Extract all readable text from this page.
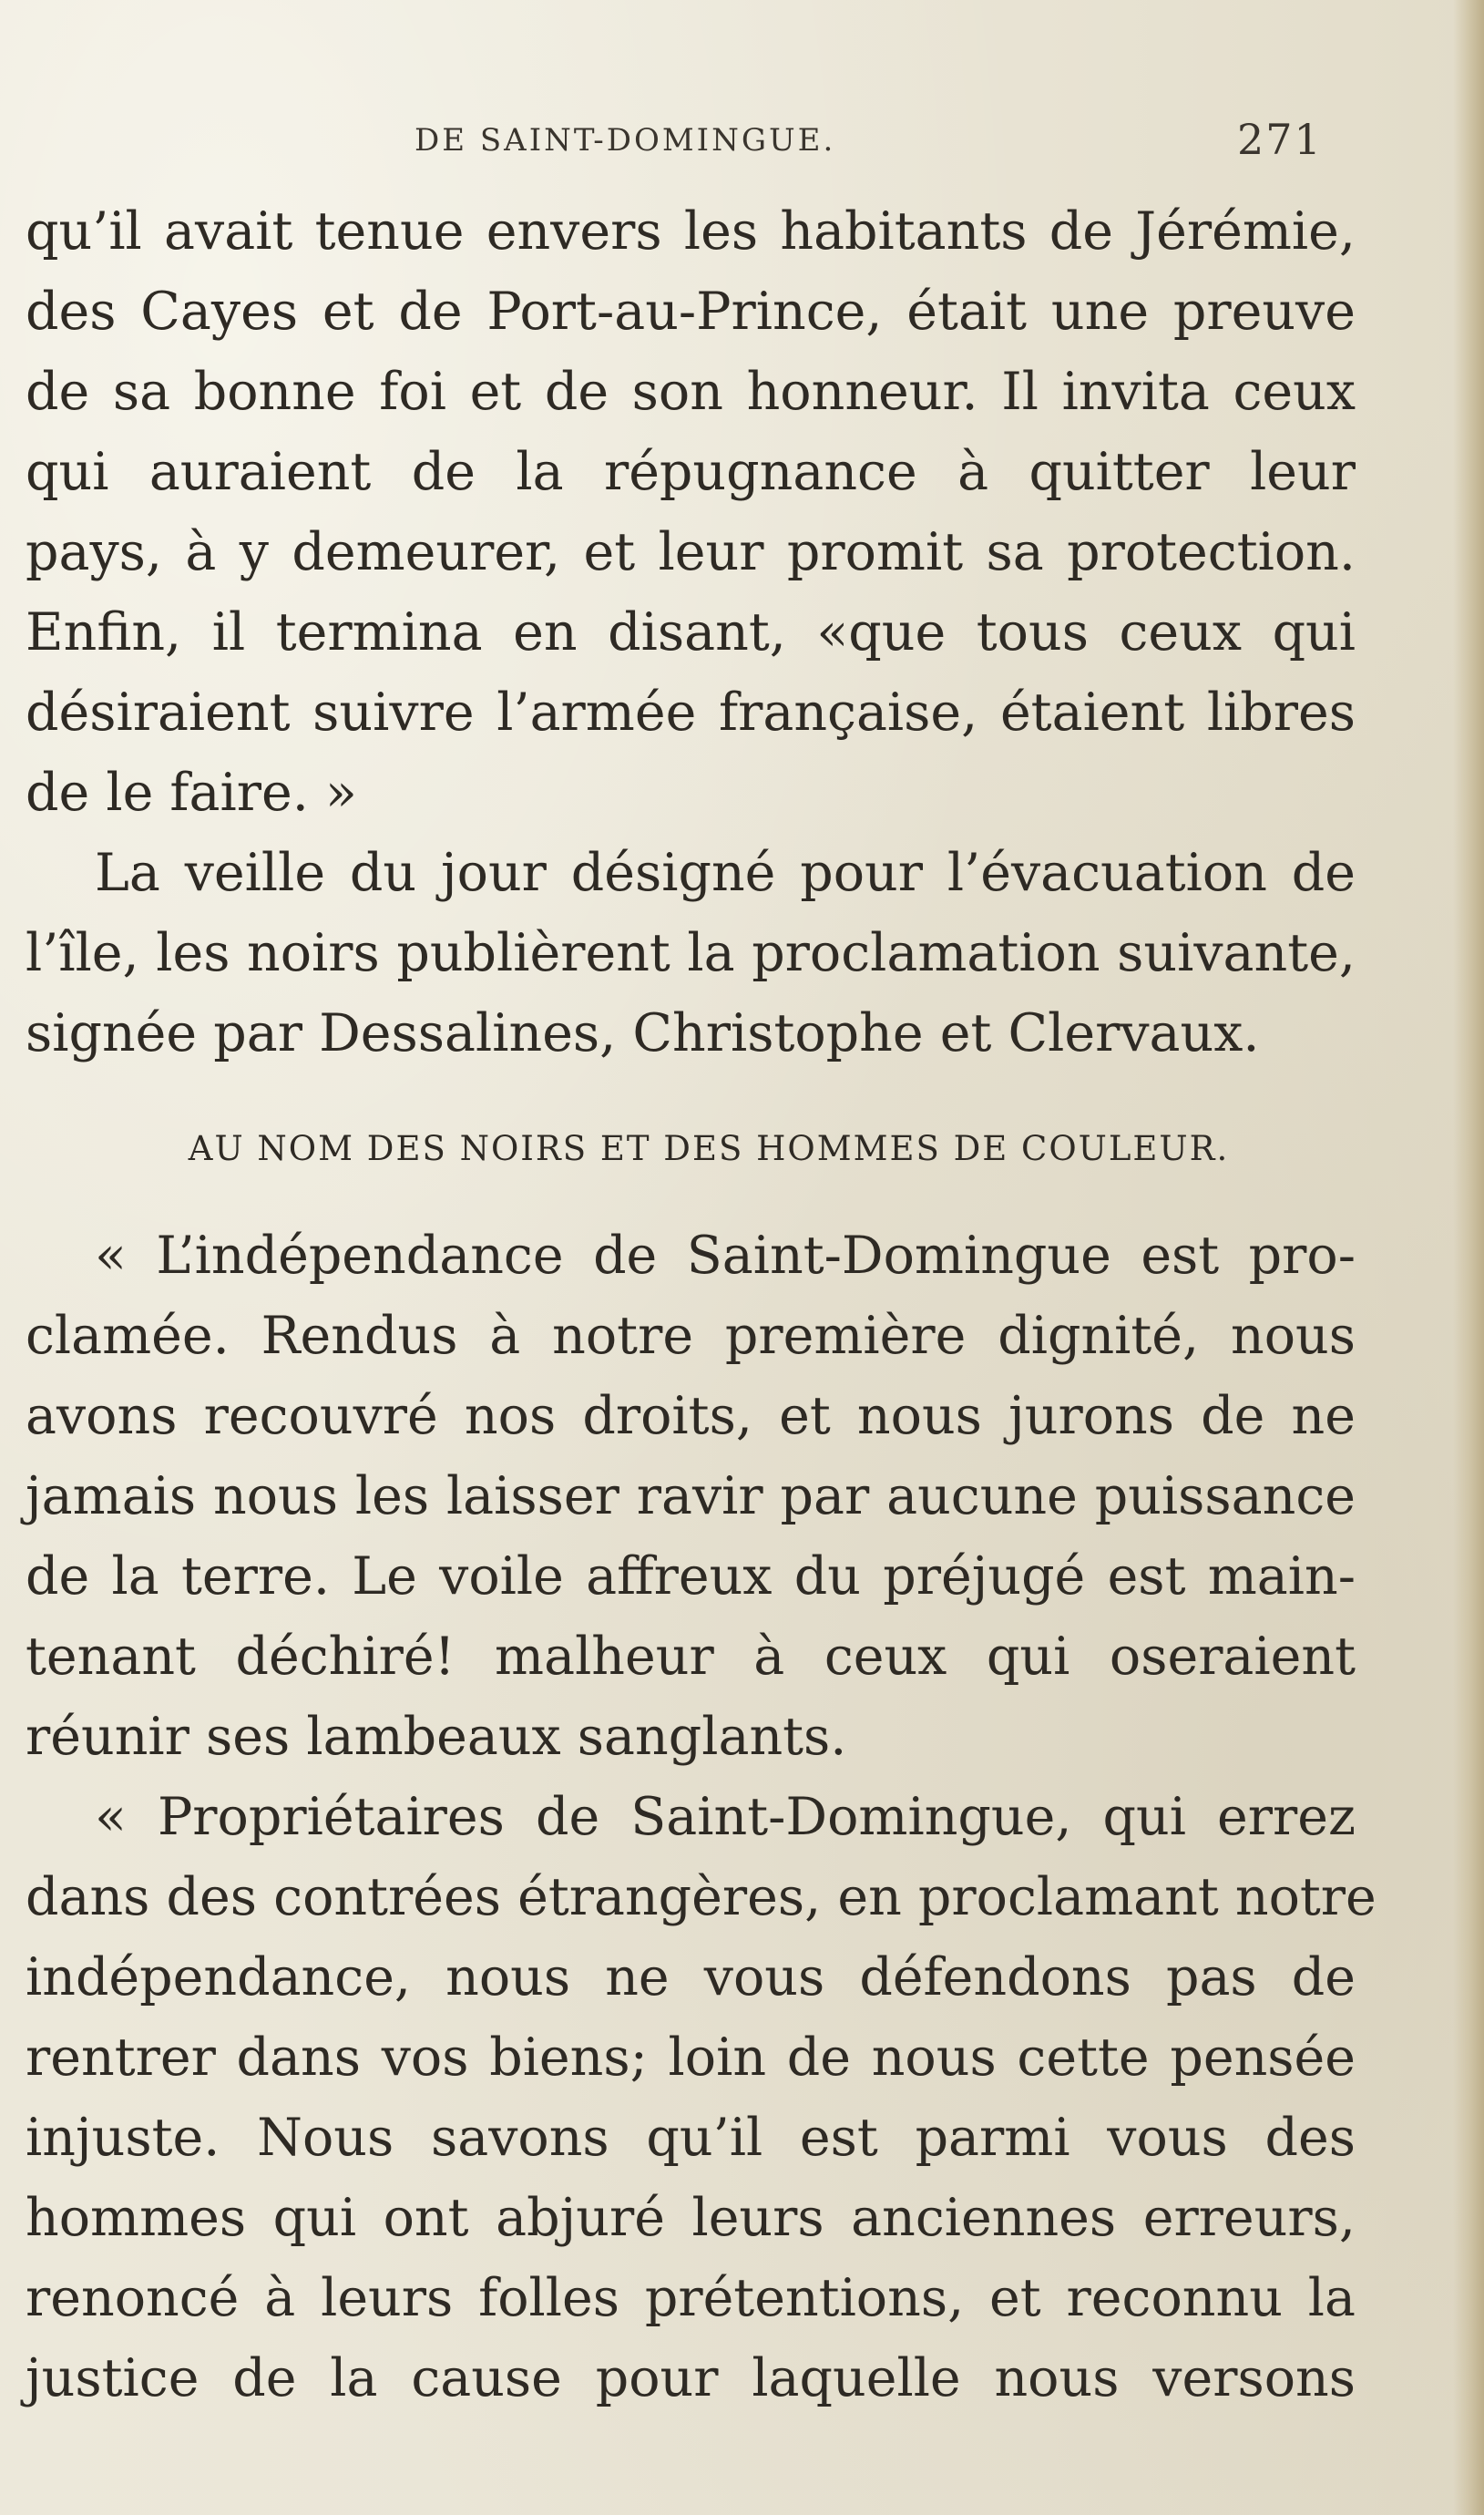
DE SAINT-DOMINGUE.	271
qu’il avait tenue envers les habitants de Jérémie,
des Cayes et de Port-au-Prince, était une preuve
de sa bonne foi et de son honneur. Il invita ceux
qui auraient de la répugnance à quitter leur
pays, à y demeurer, et leur promit sa protection.
Enfin, il termina en disant, «que tous ceux qui
désiraient suivre l’armée française, étaient libres
de le faire. »
La veille du jour désigné pour l’évacuation de
l’île, les noirs publièrent la proclamation suivante,
signée par Dessalines, Christophe et Clervaux.
AU NOM DES NOIRS ET DES HOMMES DE COULEUR.
« L’indépendance de Saint-Domingue est pro-
clamée. Rendus à notre première dignité, nous
avons recouvré nos droits, et nous jurons de ne
jamais nous les laisser ravir par aucune puissance
de la terre. Le voile affreux du préjugé est main-
tenant déchiré! malheur à ceux qui oseraient
réunir ses lambeaux sanglants.
« Propriétaires de Saint-Domingue, qui errez
dans des contrées étrangères, en proclamant notre
indépendance, nous ne vous défendons pas de
rentrer dans vos biens; loin de nous cette pensée
injuste. Nous savons qu’il est parmi vous des
hommes qui ont abjuré leurs anciennes erreurs,
renoncé à leurs folles prétentions, et reconnu la
justice de la cause pour laquelle nous versons
